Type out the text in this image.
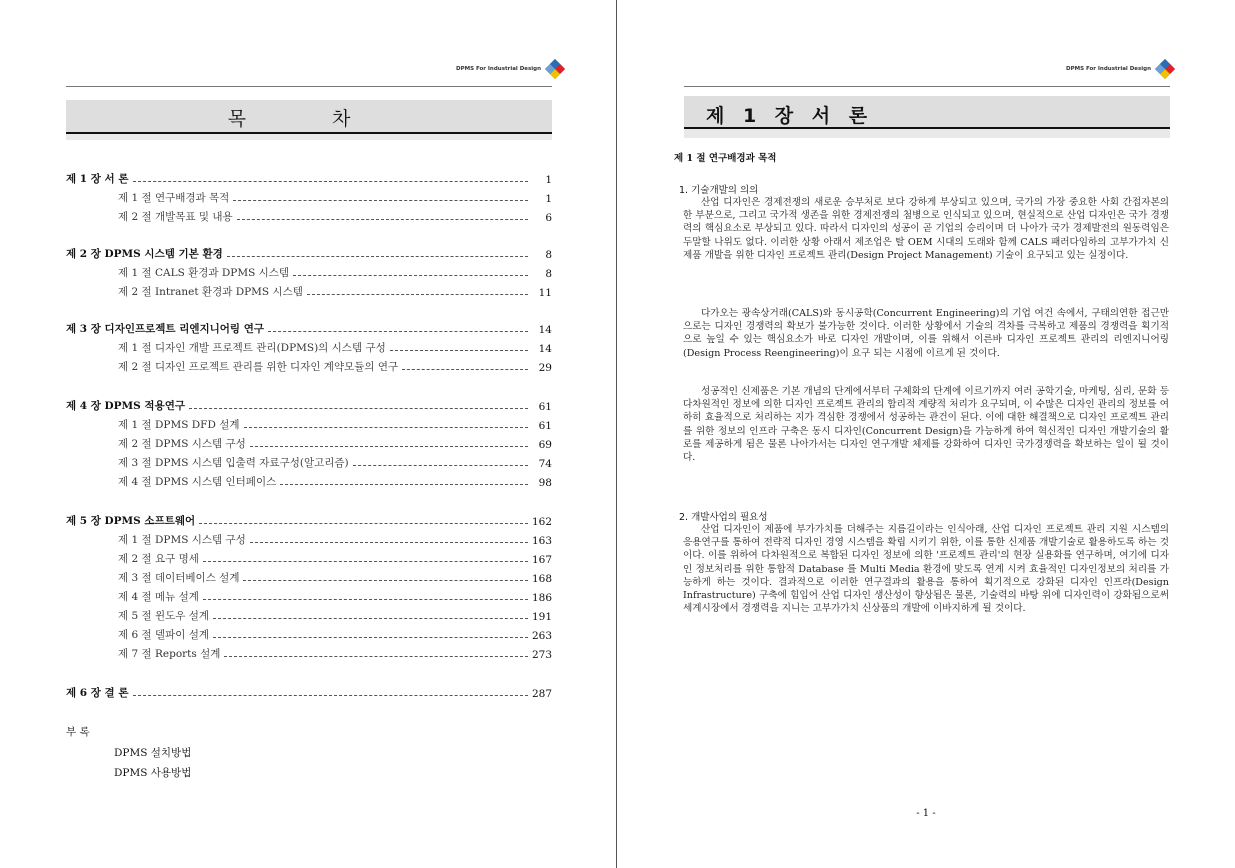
DPMS For Industrial Design
목 차
제 1 장 서 론	1
제 1 절 연구배경과 목적	1
제 2 절 개발목표 및 내용	6
제 2 장 DPMS 시스템 기본 환경	8
제 1 절 CALS 환경과 DPMS 시스템	8
제 2 절 Intranet 환경과 DPMS 시스템	11
제 3 장 디자인프로젝트 리엔지니어링 연구	14
제 1 절 디자인 개발 프로젝트 관리(DPMS)의 시스템 구성	14
제 2 절 디자인 프로젝트 관리를 위한 디자인 계약모듈의 연구	29
제 4 장 DPMS 적용연구	61
제 1 절 DPMS DFD 설계	61
제 2 절 DPMS 시스템 구성	69
제 3 절 DPMS 시스템 입출력 자료구성(알고리즘)	74
제 4 절 DPMS 시스템 인터페이스	98
제 5 장 DPMS 소프트웨어	162
제 1 절 DPMS 시스템 구성	163
제 2 절 요구 명세	167
제 3 절 데이터베이스 설계	168
제 4 절 메뉴 설계	186
제 5 절 윈도우 설계	191
제 6 절 델파이 설계	263
제 7 절 Reports 설계	273
제 6 장 결 론	287
부 록
DPMS 설치방법
DPMS 사용방법
DPMS For Industrial Design
제 1 장 서 론
제 1 절 연구배경과 목적
1. 기술개발의 의의
산업 디자인은 경제전쟁의 새로운 승부처로 보다 강하게 부상되고 있으며, 국가의 가장 중요한 사회 간접자본의 한 부분으로, 그리고 국가적 생존을 위한 경제전쟁의 첨병으로 인식되고 있으며, 현실적으로 산업 디자인은 국가 경쟁력의 핵심요소로 부상되고 있다. 따라서 디자인의 성공이 곧 기업의 승리이며 더 나아가 국가 경제발전의 원동력임은 두말할 나위도 없다. 이러한 상황 아래서 제조업은 탈 OEM 시대의 도래와 함께 CALS 패러다임하의 고부가가치 신제품 개발을 위한 디자인 프로젝트 관리(Design Project Management) 기술이 요구되고 있는 실정이다.
다가오는 광속상거래(CALS)와 동시공학(Concurrent Engineering)의 기업 여건 속에서, 구태의연한 접근만으로는 디자인 경쟁력의 확보가 불가능한 것이다. 이러한 상황에서 기술의 격차를 극복하고 제품의 경쟁력을 획기적으로 높일 수 있는 핵심요소가 바로 디자인 개발이며, 이를 위해서 이른바 디자인 프로젝트 관리의 리엔지니어링(Design Process Reengineering)이 요구 되는 시점에 이르게 된 것이다.
성공적인 신제품은 기본 개념의 단계에서부터 구체화의 단계에 이르기까지 여러 공학기술, 마케팅, 심리, 문화 등 다차원적인 정보에 의한 디자인 프로젝트 관리의 합리적 계량적 처리가 요구되며, 이 수많은 디자인 관리의 정보를 여하히 효율적으로 처리하는 지가 격심한 경쟁에서 성공하는 관건이 된다. 이에 대한 해결책으로 디자인 프로젝트 관리를 위한 정보의 인프라 구축은 동시 디자인(Concurrent Design)을 가능하게 하여 혁신적인 디자인 개발기술의 활로를 제공하게 됨은 물론 나아가서는 디자인 연구개발 체제를 강화하여 디자인 국가경쟁력을 확보하는 일이 될 것이다.
2. 개발사업의 필요성
산업 디자인이 제품에 부가가치를 더해주는 지름길이라는 인식아래, 산업 디자인 프로젝트 관리 지원 시스템의 응용연구를 통하여 전략적 디자인 경영 시스템을 확립 시키기 위한, 이를 통한 신제품 개발기술로 활용하도록 하는 것이다. 이를 위하여 다차원적으로 복합된 디자인 정보에 의한 '프로젝트 관리'의 현장 실용화를 연구하며, 여기에 디자인 정보처리를 위한 통합적 Database 를 Multi Media 환경에 맞도록 연계 시켜 효율적인 디자인정보의 처리를 가능하게 하는 것이다. 결과적으로 이러한 연구결과의 활용을 통하여 획기적으로 강화된 디자인 인프라(Design Infrastructure) 구축에 힘입어 산업 디자인 생산성이 향상됨은 물론, 기술력의 바탕 위에 디자인력이 강화됨으로써 세계시장에서 경쟁력을 지니는 고부가가치 신상품의 개발에 이바지하게 될 것이다.
- 1 -
